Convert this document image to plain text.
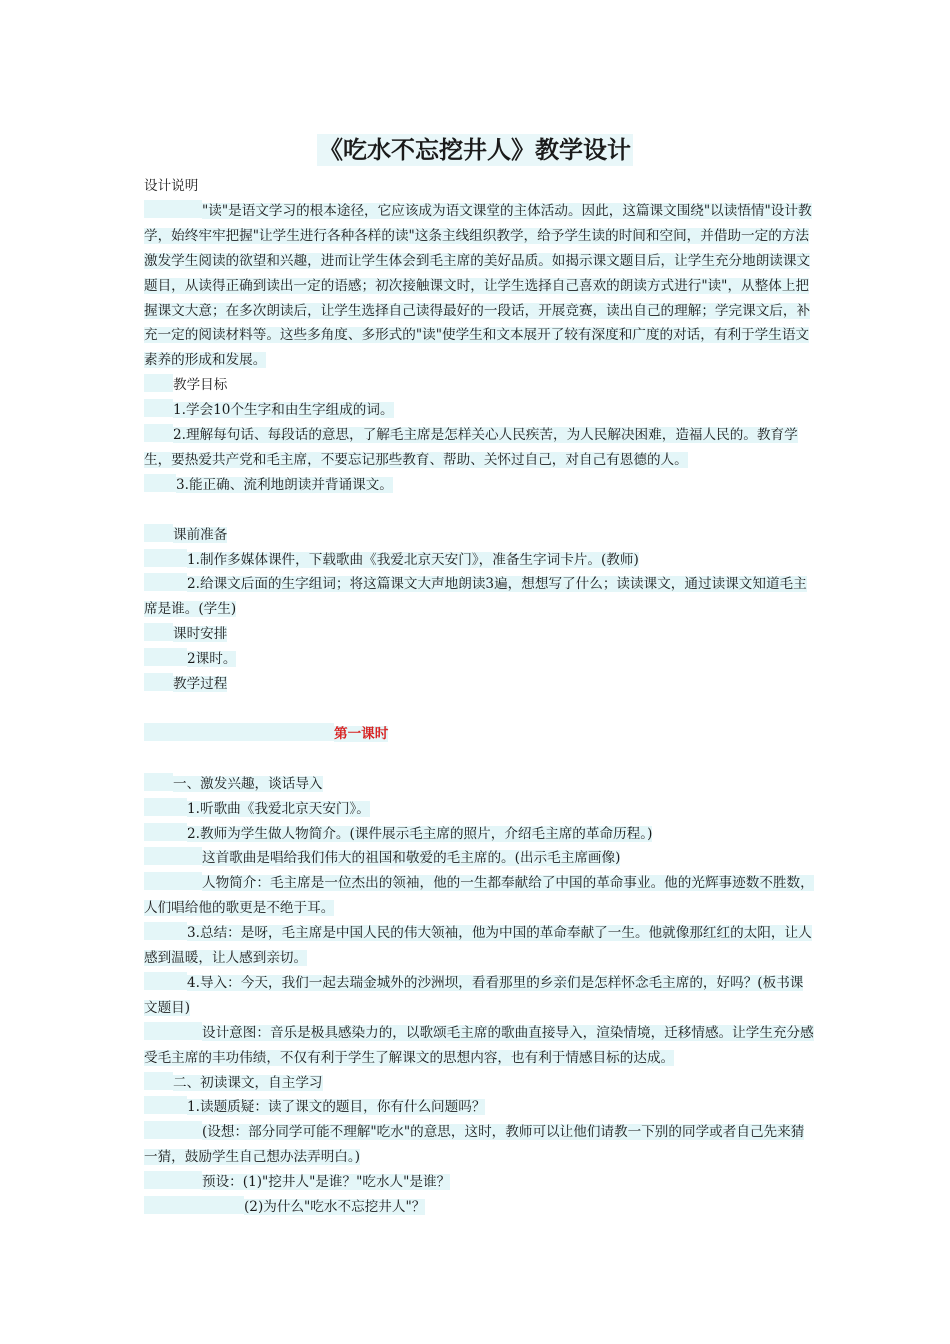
《吃水不忘挖井人》教学设计

设计说明

"读"是语文学习的根本途径，它应该成为语文课堂的主体活动。因此，这篇课文围绕"以读悟情"设计教学，始终牢牢把握"让学生进行各种各样的读"这条主线组织教学，给予学生读的时间和空间，并借助一定的方法激发学生阅读的欲望和兴趣，进而让学生体会到毛主席的美好品质。如揭示课文题目后，让学生充分地朗读课文题目，从读得正确到读出一定的语感；初次接触课文时，让学生选择自己喜欢的朗读方式进行"读"，从整体上把握课文大意；在多次朗读后，让学生选择自己读得最好的一段话，开展竞赛，读出自己的理解；学完课文后，补充一定的阅读材料等。这些多角度、多形式的"读"使学生和文本展开了较有深度和广度的对话，有利于学生语文素养的形成和发展。

教学目标

1.学会10个生字和由生字组成的词。

2.理解每句话、每段话的意思，了解毛主席是怎样关心人民疾苦，为人民解决困难，造福人民的。教育学生，要热爱共产党和毛主席，不要忘记那些教育、帮助、关怀过自己，对自己有恩德的人。

3.能正确、流利地朗读并背诵课文。

课前准备

1.制作多媒体课件，下载歌曲《我爱北京天安门》，准备生字词卡片。(教师)

2.给课文后面的生字组词；将这篇课文大声地朗读3遍，想想写了什么；读读课文，通过读课文知道毛主席是谁。(学生)

课时安排

2课时。

教学过程

第一课时

一、激发兴趣，谈话导入

1.听歌曲《我爱北京天安门》。

2.教师为学生做人物简介。(课件展示毛主席的照片，介绍毛主席的革命历程。)

这首歌曲是唱给我们伟大的祖国和敬爱的毛主席的。(出示毛主席画像)

人物简介：毛主席是一位杰出的领袖，他的一生都奉献给了中国的革命事业。他的光辉事迹数不胜数，人们唱给他的歌更是不绝于耳。

3.总结：是呀，毛主席是中国人民的伟大领袖，他为中国的革命奉献了一生。他就像那红红的太阳，让人感到温暖，让人感到亲切。

4.导入：今天，我们一起去瑞金城外的沙洲坝，看看那里的乡亲们是怎样怀念毛主席的，好吗？(板书课文题目)

设计意图：音乐是极具感染力的，以歌颂毛主席的歌曲直接导入，渲染情境，迁移情感。让学生充分感受毛主席的丰功伟绩，不仅有利于学生了解课文的思想内容，也有利于情感目标的达成。

二、初读课文，自主学习

1.读题质疑：读了课文的题目，你有什么问题吗？

(设想：部分同学可能不理解"吃水"的意思，这时，教师可以让他们请教一下别的同学或者自己先来猜一猜，鼓励学生自己想办法弄明白。)

预设：(1)"挖井人"是谁？"吃水人"是谁？

(2)为什么"吃水不忘挖井人"？
